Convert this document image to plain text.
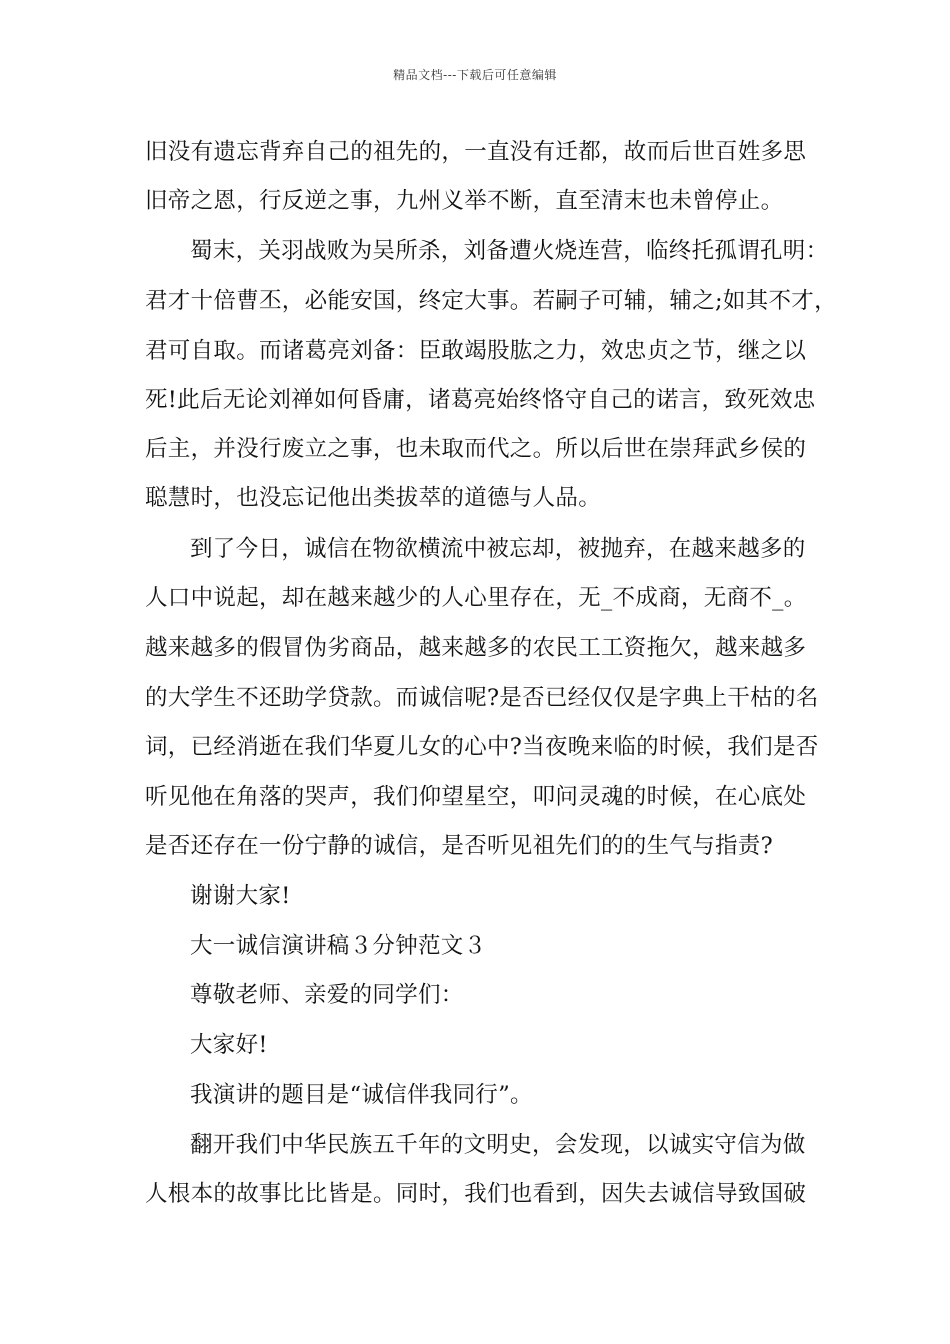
精品文档---下载后可任意编辑
旧没有遗忘背弃自己的祖先的，一直没有迁都，故而后世百姓多思
旧帝之恩，行反逆之事，九州义举不断，直至清末也未曾停止。
蜀末，关羽战败为吴所杀，刘备遭火烧连营，临终托孤谓孔明：
君才十倍曹丕，必能安国，终定大事。若嗣子可辅，辅之;如其不才，
君可自取。而诸葛亮刘备：臣敢竭股肱之力，效忠贞之节，继之以
死!此后无论刘禅如何昏庸，诸葛亮始终恪守自己的诺言，致死效忠
后主，并没行废立之事，也未取而代之。所以后世在崇拜武乡侯的
聪慧时，也没忘记他出类拔萃的道德与人品。
到了今日，诚信在物欲横流中被忘却，被抛弃，在越来越多的
人口中说起，却在越来越少的人心里存在，无_不成商，无商不_。
越来越多的假冒伪劣商品，越来越多的农民工工资拖欠，越来越多
的大学生不还助学贷款。而诚信呢?是否已经仅仅是字典上干枯的名
词，已经消逝在我们华夏儿女的心中?当夜晚来临的时候，我们是否
听见他在角落的哭声，我们仰望星空，叩问灵魂的时候，在心底处
是否还存在一份宁静的诚信，是否听见祖先们的的生气与指责?
谢谢大家!
大一诚信演讲稿３分钟范文３
尊敬老师、亲爱的同学们：
大家好!
我演讲的题目是“诚信伴我同行”。
翻开我们中华民族五千年的文明史，会发现，以诚实守信为做
人根本的故事比比皆是。同时，我们也看到，因失去诚信导致国破
